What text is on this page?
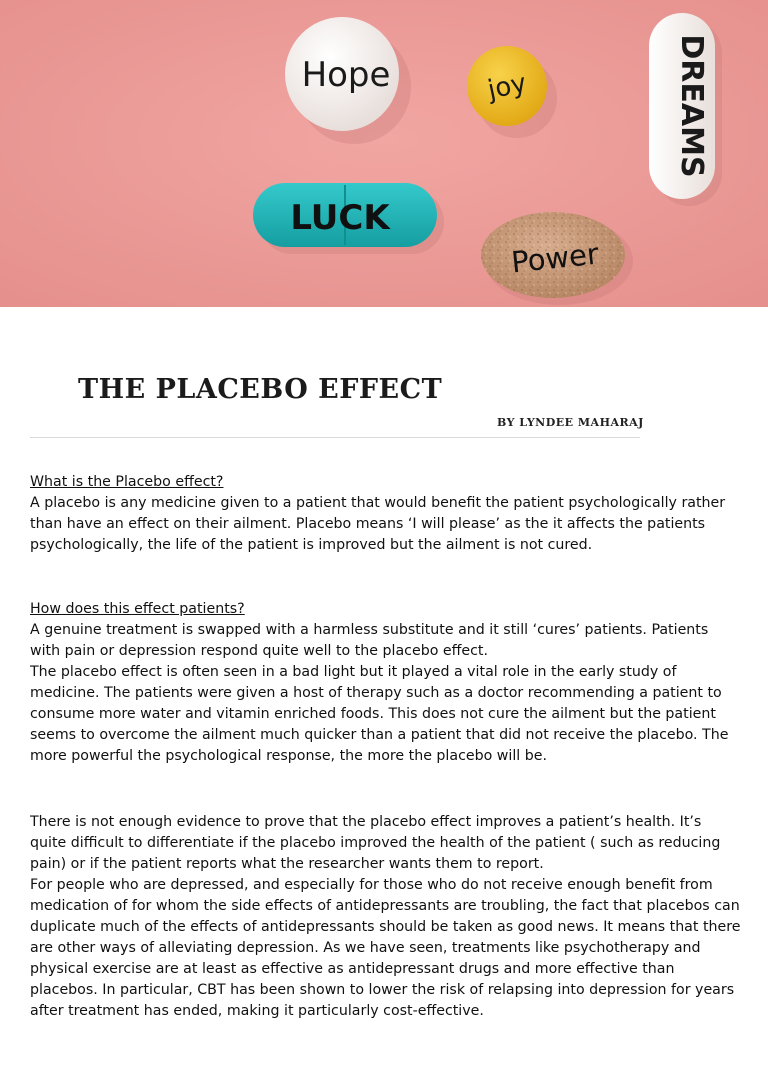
Hope	joy	DREAMS
LUCK
Power
THE PLACEBO EFFECT
BY LYNDEE MAHARAJ

What is the Placebo effect?

A placebo is any medicine given to a patient that would benefit the patient psychologically rather than have an effect on their ailment. Placebo means ‘I will please’ as the it affects the patients psychologically, the life of the patient is improved but the ailment is not cured.

How does this effect patients?

A genuine treatment is swapped with a harmless substitute and it still ‘cures’ patients. Patients with pain or depression respond quite well to the placebo effect.

The placebo effect is often seen in a bad light but it played a vital role in the early study of medicine. The patients were given a host of therapy such as a doctor recommending a patient to consume more water and vitamin enriched foods. This does not cure the ailment but the patient seems to overcome the ailment much quicker than a patient that did not receive the placebo. The more powerful the psychological response, the more the placebo will be.

There is not enough evidence to prove that the placebo effect improves a patient’s health. It’s quite difficult to differentiate if the placebo improved the health of the patient ( such as reducing pain) or if the patient reports what the researcher wants them to report.

For people who are depressed, and especially for those who do not receive enough benefit from medication of for whom the side effects of antidepressants are troubling, the fact that placebos can duplicate much of the effects of antidepressants should be taken as good news. It means that there are other ways of alleviating depression. As we have seen, treatments like psychotherapy and physical exercise are at least as effective as antidepressant drugs and more effective than placebos. In particular, CBT has been shown to lower the risk of relapsing into depression for years after treatment has ended, making it particularly cost-effective.
